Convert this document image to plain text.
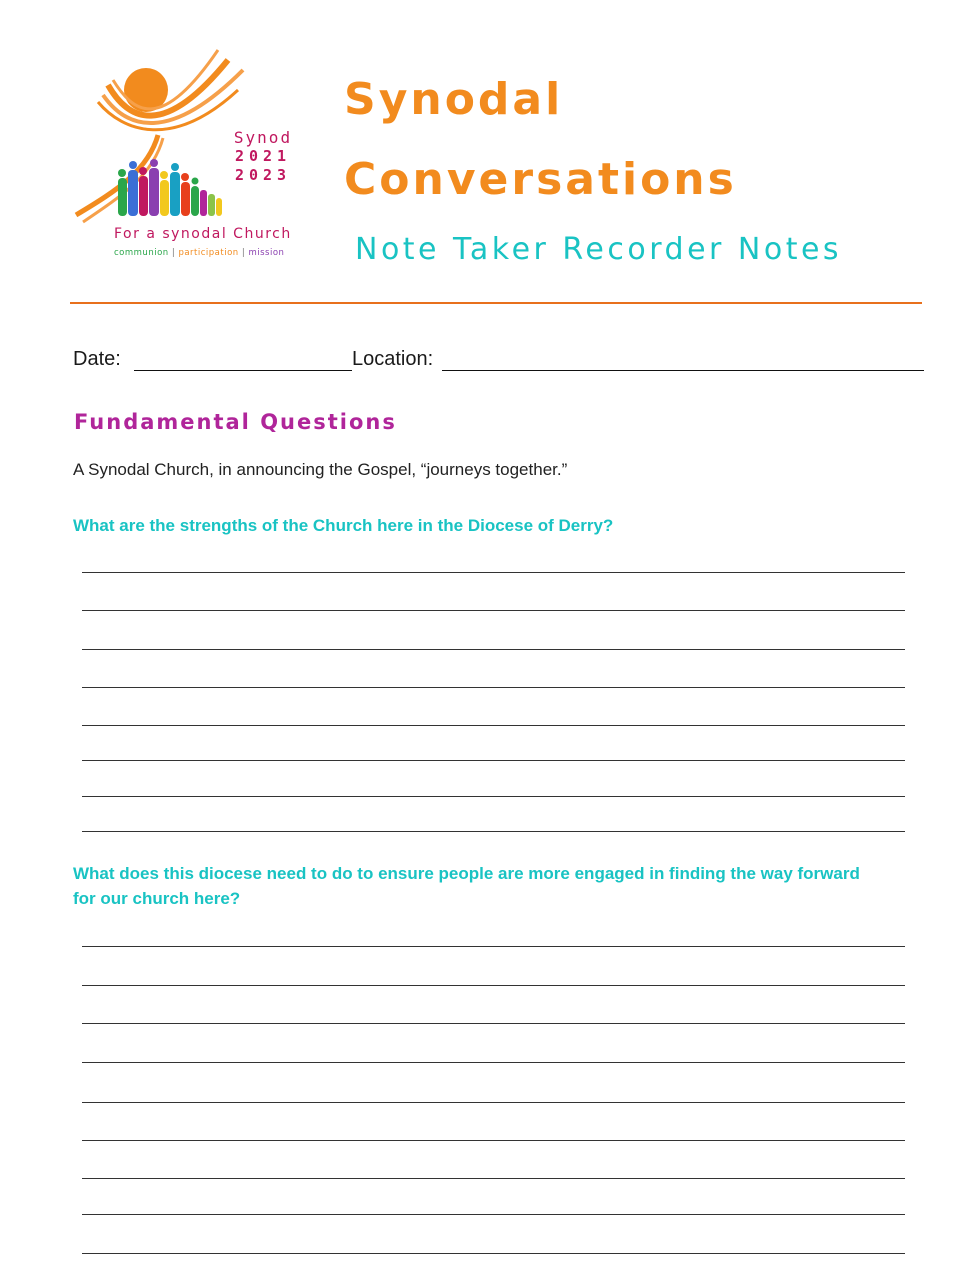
Synod
2021
2023
For a synodal Church
communion | participation | mission
Synodal
Conversations
Note Taker Recorder Notes
Date:	Location:
Fundamental Questions
A Synodal Church, in announcing the Gospel, “journeys together.”
What are the strengths of the Church here in the Diocese of Derry?
What does this diocese need to do to ensure people are more engaged in finding the way forward for our church here?
